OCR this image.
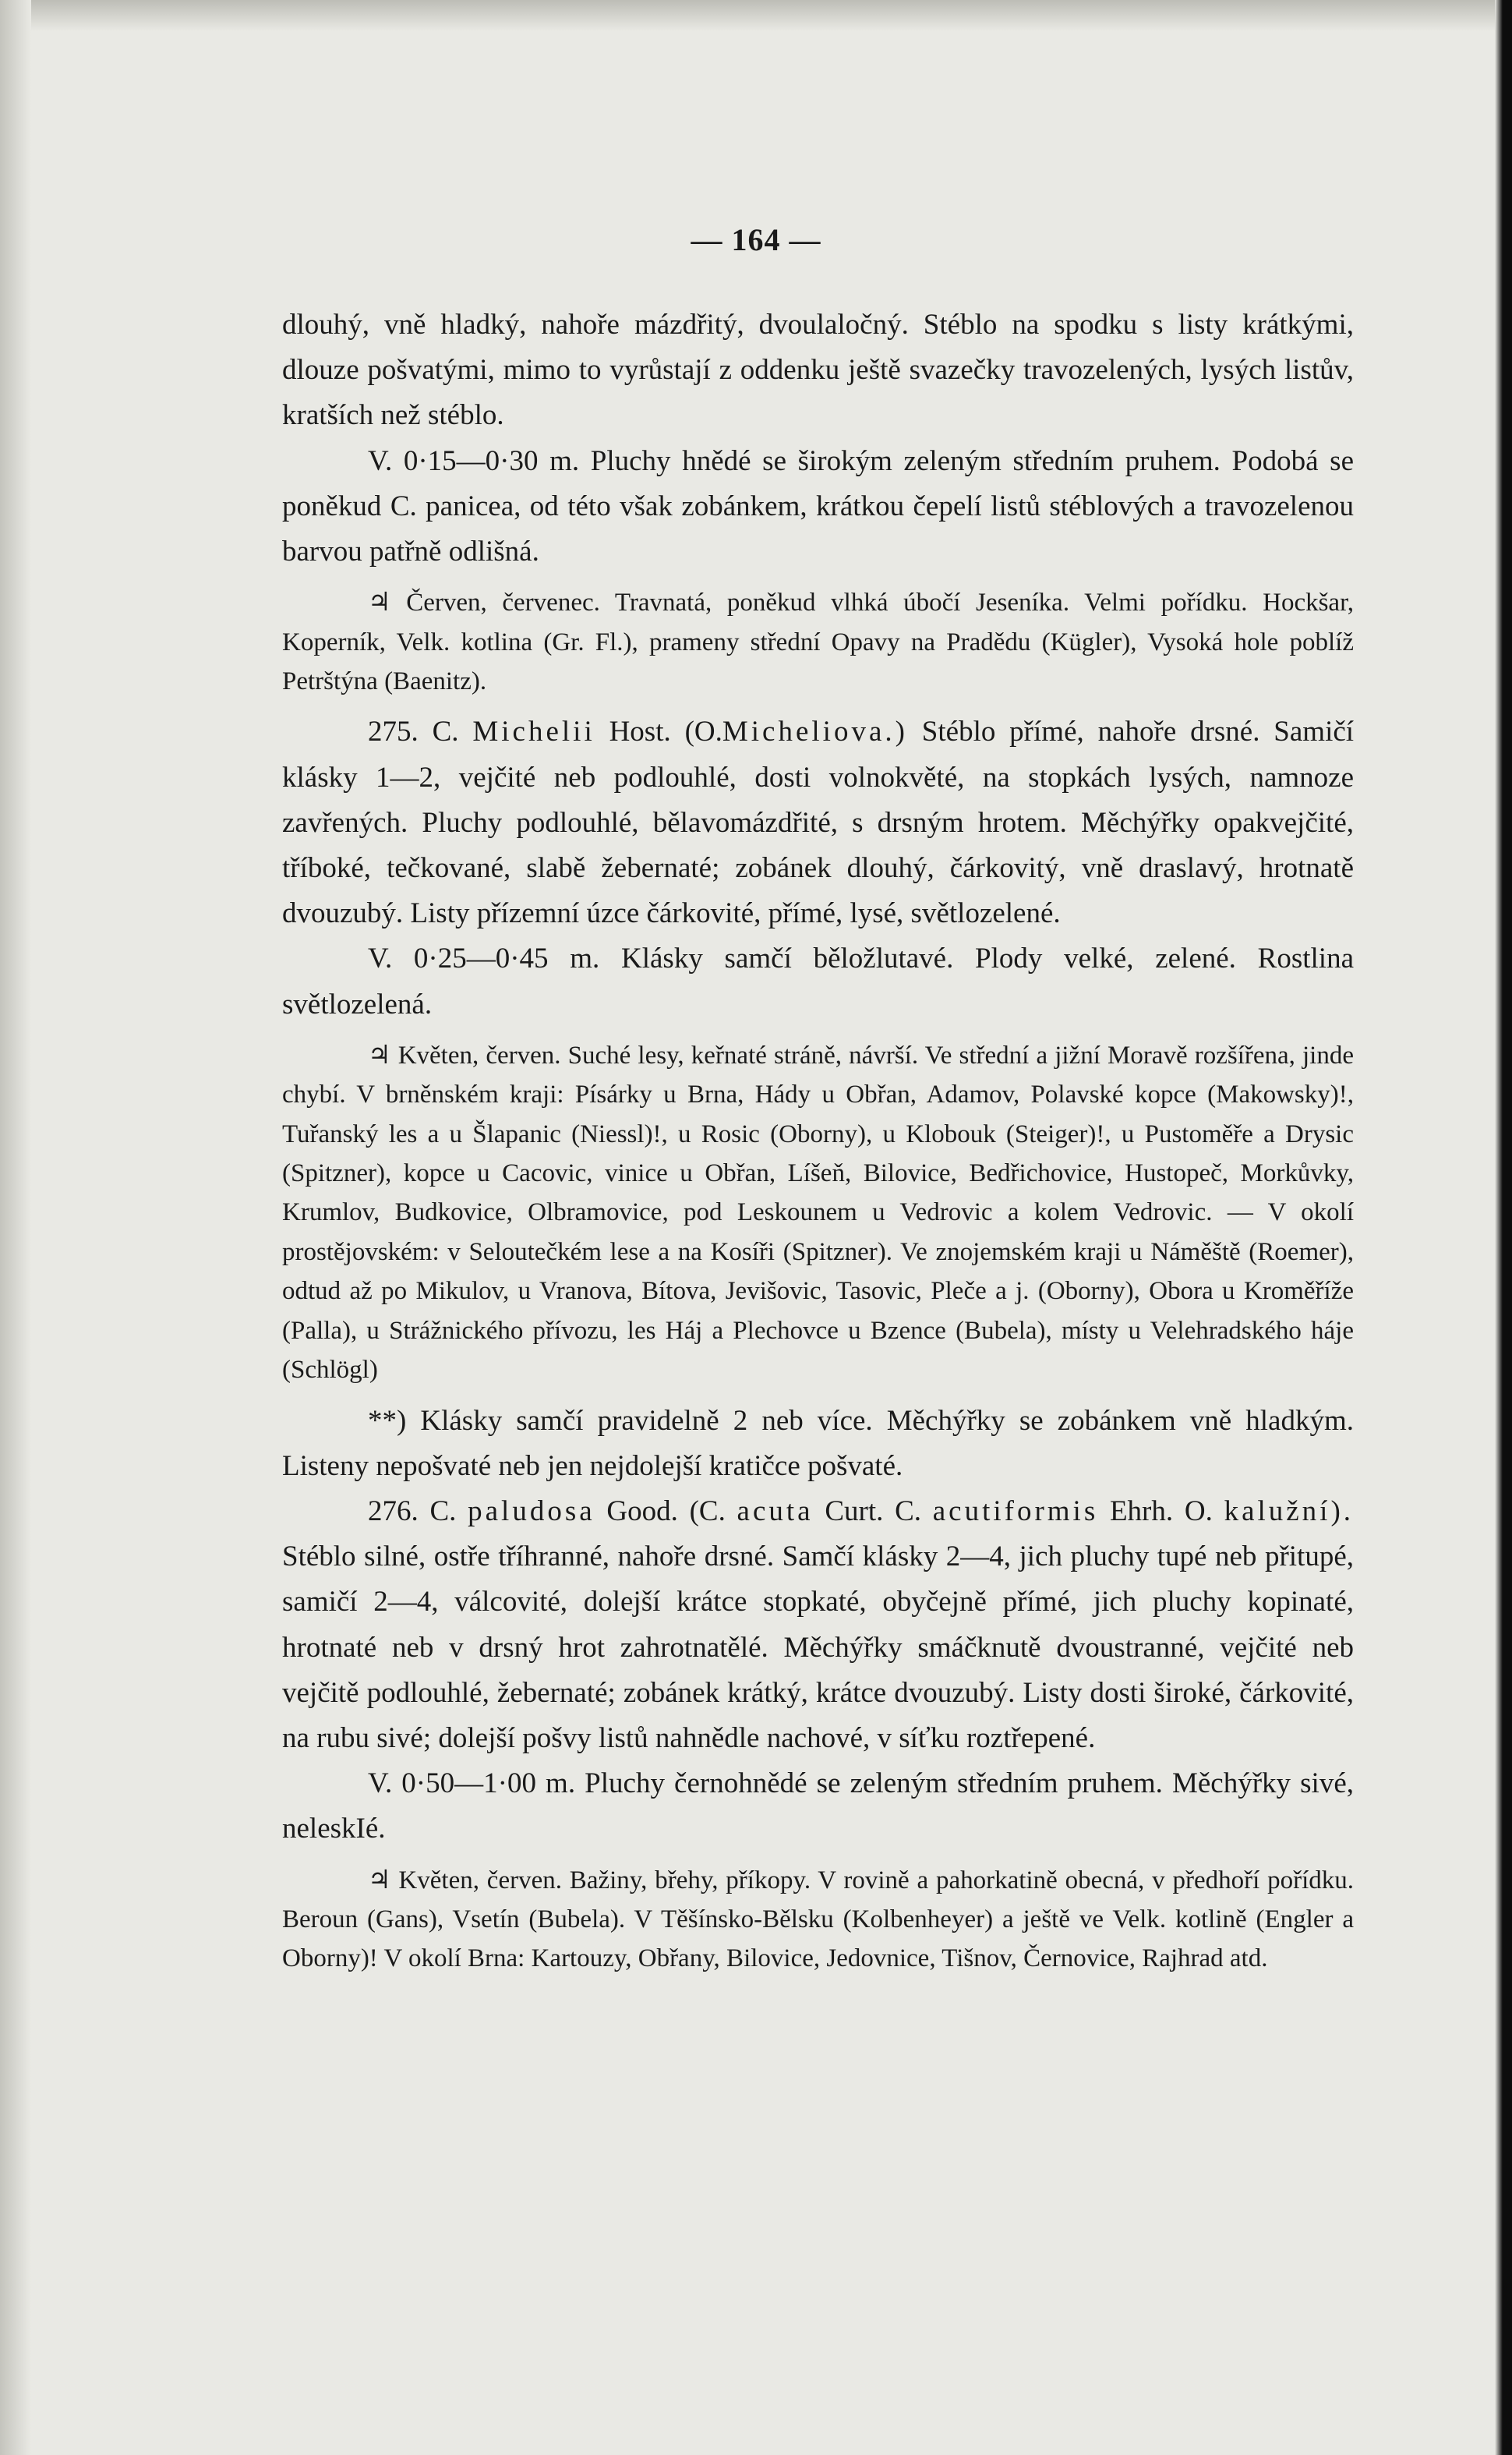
— 164 —

dlouhý, vně hladký, nahoře mázdřitý, dvoulaločný. Stéblo na spodku s listy krátkými, dlouze pošvatými, mimo to vyrůstají z oddenku ještě svazečky travozelených, lysých listův, kratších než stéblo.

V. 0·15—0·30 m. Pluchy hnědé se širokým zeleným středním pruhem. Podobá se poněkud C. panicea, od této však zobánkem, krátkou čepelí listů stéblových a travozelenou barvou patřně odlišná.

♃ Červen, červenec. Travnatá, poněkud vlhká úbočí Jeseníka. Velmi pořídku. Hockšar, Koperník, Velk. kotlina (Gr. Fl.), prameny střední Opavy na Pradědu (Kügler), Vysoká hole poblíž Petrštýna (Baenitz).

275. C. Michelii Host. (O.Micheliova.) Stéblo přímé, nahoře drsné. Samičí klásky 1—2, vejčité neb podlouhlé, dosti volnokvěté, na stopkách lysých, namnoze zavřených. Pluchy podlouhlé, bělavomázdřité, s drsným hrotem. Měchýřky opakvejčité, tříboké, tečkované, slabě žebernaté; zobánek dlouhý, čárkovitý, vně draslavý, hrotnatě dvouzubý. Listy přízemní úzce čárkovité, přímé, lysé, světlozelené.

V. 0·25—0·45 m. Klásky samčí běložlutavé. Plody velké, zelené. Rostlina světlozelená.

♃ Květen, červen. Suché lesy, keřnaté stráně, návrší. Ve střední a jižní Moravě rozšířena, jinde chybí. V brněnském kraji: Písárky u Brna, Hády u Obřan, Adamov, Polavské kopce (Makowsky)!, Tuřanský les a u Šlapanic (Niessl)!, u Rosic (Oborny), u Klobouk (Steiger)!, u Pustoměře a Drysic (Spitzner), kopce u Cacovic, vinice u Obřan, Líšeň, Bilovice, Bedřichovice, Hustopeč, Morkůvky, Krumlov, Budkovice, Olbramovice, pod Leskounem u Vedrovic a kolem Vedrovic. — V okolí prostějovském: v Seloutečkém lese a na Kosíři (Spitzner). Ve znojemském kraji u Náměště (Roemer), odtud až po Mikulov, u Vranova, Bítova, Jevišovic, Tasovic, Pleče a j. (Oborny), Obora u Kroměříže (Palla), u Strážnického přívozu, les Háj a Plechovce u Bzence (Bubela), místy u Velehradského háje (Schlögl)

**) Klásky samčí pravidelně 2 neb více. Měchýřky se zobánkem vně hladkým. Listeny nepošvaté neb jen nejdolejší kratičce pošvaté.

276. C. paludosa Good. (C. acuta Curt. C. acutiformis Ehrh. O. kalužní). Stéblo silné, ostře tříhranné, nahoře drsné. Samčí klásky 2—4, jich pluchy tupé neb přitupé, samičí 2—4, válcovité, dolejší krátce stopkaté, obyčejně přímé, jich pluchy kopinaté, hrotnaté neb v drsný hrot zahrotnatělé. Měchýřky smáčknutě dvoustranné, vejčité neb vejčitě podlouhlé, žebernaté; zobánek krátký, krátce dvouzubý. Listy dosti široké, čárkovité, na rubu sivé; dolejší pošvy listů nahnědle nachové, v síťku roztřepené.

V. 0·50—1·00 m. Pluchy černohnědé se zeleným středním pruhem. Měchýřky sivé, neleskIé.

♃ Květen, červen. Bažiny, břehy, příkopy. V rovině a pahorkatině obecná, v předhoří pořídku. Beroun (Gans), Vsetín (Bubela). V Těšínsko-Bělsku (Kolbenheyer) a ještě ve Velk. kotlině (Engler a Oborny)! V okolí Brna: Kartouzy, Obřany, Bilovice, Jedovnice, Tišnov, Černovice, Rajhrad atd.
